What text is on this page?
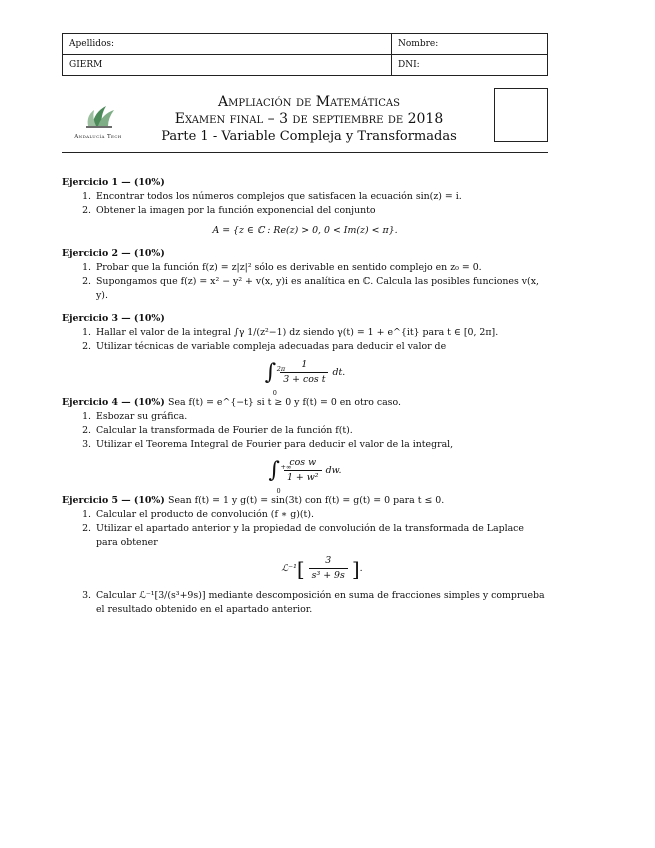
Apellidos:	Nombre:
GIERM	DNI:
Andalucía Tech
Ampliación de Matemáticas
Examen final – 3 de septiembre de 2018
Parte 1 - Variable Compleja y Transformadas
Ejercicio 1 — (10%)
1. Encontrar todos los números complejos que satisfacen la ecuación sin(z) = i.
2. Obtener la imagen por la función exponencial del conjunto
A = {z ∈ ℂ : Re(z) > 0, 0 < Im(z) < π}.
Ejercicio 2 — (10%)
1. Probar que la función f(z) = z|z|² sólo es derivable en sentido complejo en z₀ = 0.
2. Supongamos que f(z) = x² − y² + v(x, y)i es analítica en ℂ. Calcula las posibles funciones v(x, y).
Ejercicio 3 — (10%)
1. Hallar el valor de la integral ∫γ 1/(z²−1) dz siendo γ(t) = 1 + e^{it} para t ∈ [0, 2π].
2. Utilizar técnicas de variable compleja adecuadas para deducir el valor de
∫ 2π
0
$\frac{1}{\text{3 + cos t}}$ dt.
Ejercicio 4 — (10%) Sea f(t) = e^{−t} si t ≥ 0 y f(t) = 0 en otro caso.
1. Esbozar su gráfica.
2. Calcular la transformada de Fourier de la función f(t).
3. Utilizar el Teorema Integral de Fourier para deducir el valor de la integral,
∫ +∞
0
$\frac{\text{cos w}}{\text{1 + w²}}$ dw.
Ejercicio 5 — (10%) Sean f(t) = 1 y g(t) = sin(3t) con f(t) = g(t) = 0 para t ≤ 0.
1. Calcular el producto de convolución (f ∗ g)(t).
2. Utilizar el apartado anterior y la propiedad de convolución de la transformada de Laplace para obtener
ℒ⁻¹ [ $\frac{3}{\text{s³ + 9s}}$ ] .
3. Calcular ℒ⁻¹[3/(s³+9s)] mediante descomposición en suma de fracciones simples y comprueba el resultado obtenido en el apartado anterior.
